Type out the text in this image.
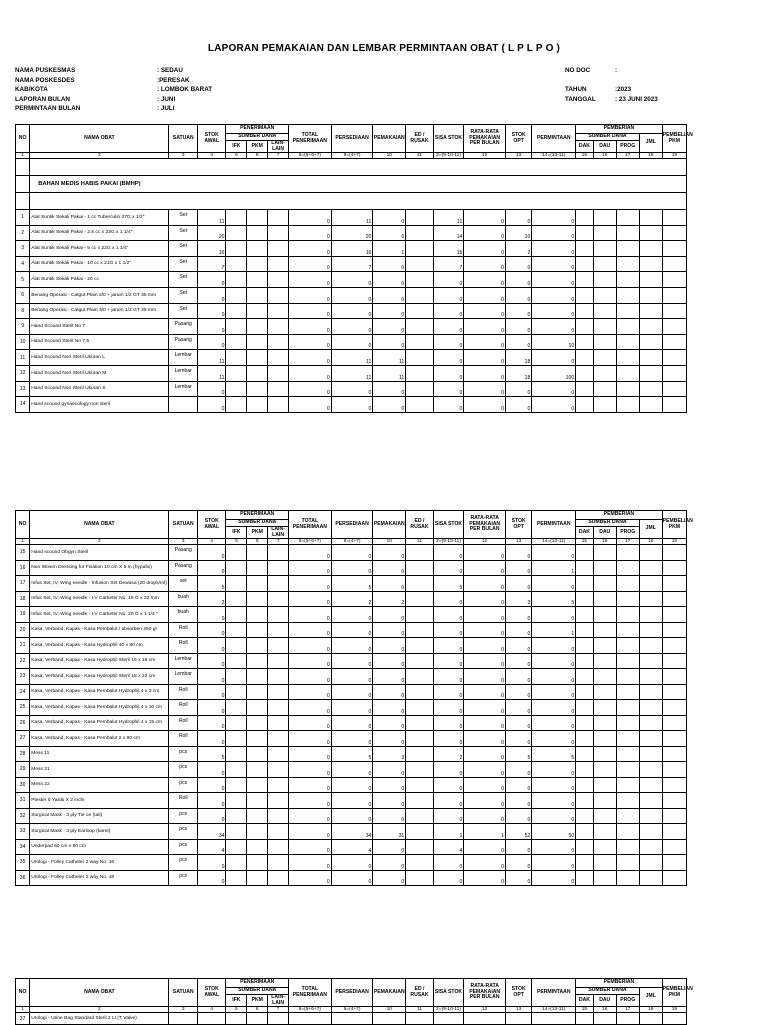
LAPORAN PEMAKAIAN DAN LEMBAR PERMINTAAN OBAT ( L P L P O )
NAMA PUSKESMAS	: SEDAU
NAMA POSKESDES	:PERESAK
KAB/KOTA	: LOMBOK BARAT
LAPORAN BULAN	: JUNI
PERMINTAAN BULAN	: JULI
NO DOC	:

TAHUN	:2023
TANGGAL	: 23 JUNI 2023
NO	NAMA OBAT	SATUAN	STOK AWAL	PENERIMAAN			TOTAL PENERIMAAN	PERSEDIAAN	PEMAKAIAN	ED / RUSAK	SISA STOK	RATA-RATA PEMAKAIAN PER BULAN	STOK OPT	PERMINTAAN	PEMBERIAN				PEMBELIAN PKM
				SUMBER DANA											SUMBER DANA			JML	
				IFK	PKM	LAIN-LAIN									DAK	DAU	PROG		
1	2	3	4	5	6	7	8=(5+6+7)	9=(4+7)	10	11	2=(9-10-11)	12	13	14=(13-11)	15	16	17	18	19

	BAHAN MEDIS HABIS PAKAI (BMHP)																		

1	Alat Suntik Sekali Pakai - 1 cc Tuberculin 27G x 1/2"	Set	11				0	11	0		11	0	0	0					
2	Alat Suntik Sekali Pakai - 2.5 cc x 23G x 1 1/4"	Set	20				0	20	6		14	0	10	0					
3	Alat Suntik Sekali Pakai - 5 cc x 22G x 1 1/4"	Set	16				0	16	1		15	0	2	0					
4	Alat Suntik Sekali Pakai - 10 cc x 21G x 1 1/2"	Set	7				0	7	0		7	0	0	0					
5	Alat Suntik Sekali Pakai - 20 cc	Set	0				0	0	0		0	0	0	0					
6	Benang Operasi - Catgut Plain 2/0 + jarum 1/2 GT 35 mm	Set	0				0	0	0		0	0	0	0					
8	Benang Operasi - Catgut Plain 3/0 + jarum 1/2 GT 35 mm	Set	0				0	0	0		0	0	0	0					
9	Hand Scound Steril No 7	Pasang	0				0	0	0		0	0	0	0					
10	Hand Scound Steril No 7,5	Pasang	0				0	0	0		0	0	0	10					
11	Hand Scound Non Steril Ukuran L	Lembar	11				0	11	11		0	0	18	0					
12	Hand Scound Non Steril Ukuran M	Lembar	11				0	11	11		0	0	18	100					
13	Hand Scound Non Steril Ukuran S	Lembar	0				0	0	0		0	0	0	0					
14	Hand scound gynaecology non steril		0				0	0	0		0	0	0	0					
NO	NAMA OBAT	SATUAN	STOK AWAL	PENERIMAAN			TOTAL PENERIMAAN	PERSEDIAAN	PEMAKAIAN	ED / RUSAK	SISA STOK	RATA-RATA PEMAKAIAN PER BULAN	STOK OPT	PERMINTAAN	PEMBERIAN				PEMBELIAN PKM
				SUMBER DANA											SUMBER DANA			JML	
				IFK	PKM	LAIN-LAIN									DAK	DAU	PROG		
1	2	3	4	5	6	7	8=(5+6+7)	9=(4+7)	10	11	2=(9-10-11)	12	13	14=(13-11)	15	16	17	18	19
15	Hand scound Obgyn Steril	Pasang	0				0	0	0		0	0	0	0					
16	Non Woven Dressing for Fixation 10 cm X 5 m (hypafix)	Pasang	0				0	0	0		0	0	0	1					
17	Infus Set, IV, Wing needle - Infusion Set Dewasa (20 drops/ml)	set	5				0	5	0		5	0	0	0					
18	Infus Set, IV, Wing needle - I.V Catheter No. 18 G x 32 mm	buah	2				0	2	2		0	0	3	5					
19	Infus Set, IV, Wing needle - I.V Catheter No. 20 G x 1 1/4 "	buah	0				0	0	0		0	0	0	0					
20	Kasa, Verband, Kapas - Kasa Pembalut / absorben 250 gr	Roll	0				0	0	0		0	0	0	1					
21	Kasa, Verband, Kapas - Kasa Hydrophil 40 x 80 cm	Roll	0				0	0	0		0	0	0	0					
22	Kasa, Verband, Kapas - Kasa Hydrophil Steril 16 x 16 cm	Lembar	0				0	0	0		0	0	0	0					
23	Kasa, Verband, Kapas - Kasa Hydrophil Steril 18 x 22 cm	Lembar	0				0	0	0		0	0	0	0					
24	Kasa, Verband, Kapas - Kasa Pembalut Hydrophil 4 x 3 cm	Roll	0				0	0	0		0	0	0	0					
25	Kasa, Verband, Kapas - Kasa Pembalut Hydrophil 4 x 10 cm	Roll	0				0	0	0		0	0	0	0					
26	Kasa, Verband, Kapas - Kasa Pembalut Hydrophil 4 x 15 cm	Roll	0				0	0	0		0	0	0	0					
27	Kasa, Verband, Kapas - Kasa Pembalut 2 x 80 cm	Roll	0				0	0	0		0	0	0	0					
28	Mess 11	pcs	5				0	5	3		2	0	5	5					
29	Mess 21	pcs	0				0	0	0		0	0	0	0					
30	Mess 22	pcs	0				0	0	0		0	0	0	0					
31	Plester 5 Yards X 2 inchi	Roll	0				0	0	0		0	0	0	0					
32	Surgical Mask - 3 ply Tie on (tali)	pcs	0				0	0	0		0	0	0	0					
33	Surgical Mask - 3 ply Earloop (karet)	pcs	34				0	34	31		1	1	52	50					
34	Underpad 60 cm x 90 cm	pcs	4				0	4	0		4	0	0	0					
35	Urologi - Folley Catheter 2 way No. 16	pcs	0				0	0	0		0	0	0	0					
36	Urologi - Folley Catheter 2 way No. 18	pcs	0				0	0	0		0	0	0	0					
NO	NAMA OBAT	SATUAN	STOK AWAL	PENERIMAAN			TOTAL PENERIMAAN	PERSEDIAAN	PEMAKAIAN	ED / RUSAK	SISA STOK	RATA-RATA PEMAKAIAN PER BULAN	STOK OPT	PERMINTAAN	PEMBERIAN				PEMBELIAN PKM
				SUMBER DANA											SUMBER DANA			JML	
				IFK	PKM	LAIN-LAIN									DAK	DAU	PROG		
1	2	3	4	5	6	7	8=(5+6+7)	9=(4+7)	10	11	2=(9-10-11)	12	13	14=(13-11)	15	16	17	18	19
37	Urologi - Urine Bag Standard Steril 2 Lt (T Valve)																		
